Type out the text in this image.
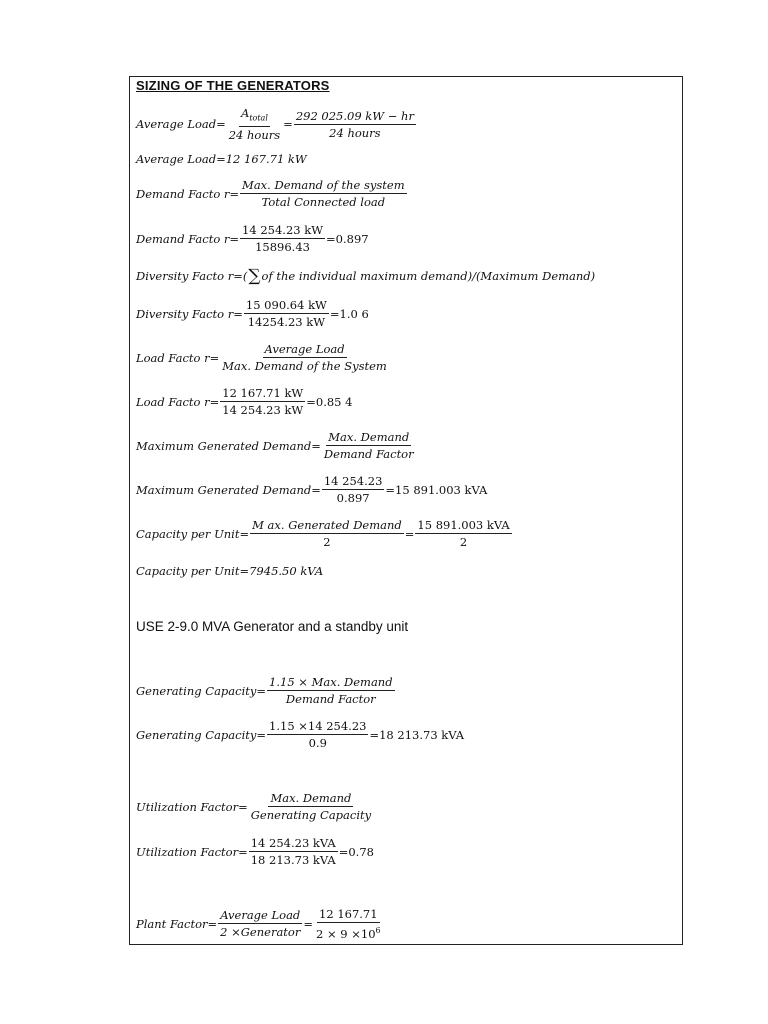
SIZING OF THE GENERATORS
Average Load= $\frac{A_{total}}{\text{24 hours}} = \frac{292 025.09 kW - hr}{\text{24 hours}}$
Average Load=12 167.71 kW
Demand Facto $r= \frac{\text{Max. Demand of the system}}{\text{Total Connected load}}$
Demand Facto $r= \frac{14 254.23 kW}{15896.43} =0.897$
Diversity Facto r=( ∑ of the individual maximum demand)/(Maximum Demand)
Diversity Facto $r= \frac{15 090.64 kW}{14254.23 kW} =1.0$ 6
Load Facto $r= \frac{\text{Average Load}}{\text{Max. Demand of the System}}$
Load Facto $r= \frac{12 167.71 kW}{14 254.23 kW} =0.85$ 4
Maximum Generated Demand= $\frac{\text{Max. Demand}}{\text{Demand Factor}}$
Maximum Generated Demand= $\frac{14 254.23}{0.897} =15$ 891.003 kVA
Capacity per Unit= $\frac{\text{M ax. Generated Demand}}{2} = \frac{\text{15 891.003 kVA}}{2}$
Capacity per Unit=7945.50 kVA
USE 2-9.0 MVA Generator and a standby unit
Generating Capacity= $\frac{\text{1.15 × Max. Demand}}{\text{Demand Factor}}$
Generating Capacity= $\frac{1.15 \times 14 254.23}{0.9} =18$ 213.73 kVA
Utilization Factor= $\frac{\text{Max. Demand}}{\text{Generating Capacity}}$
Utilization Factor= $\frac{\text{14 254.23 kVA}}{\text{18 213.73 kVA}} =0.78$
Plant Factor= $\frac{\text{Average Load}}{\text{2 ×Generator}} = \frac{12 167.71}{2 \times 9 \times 10^6}$
